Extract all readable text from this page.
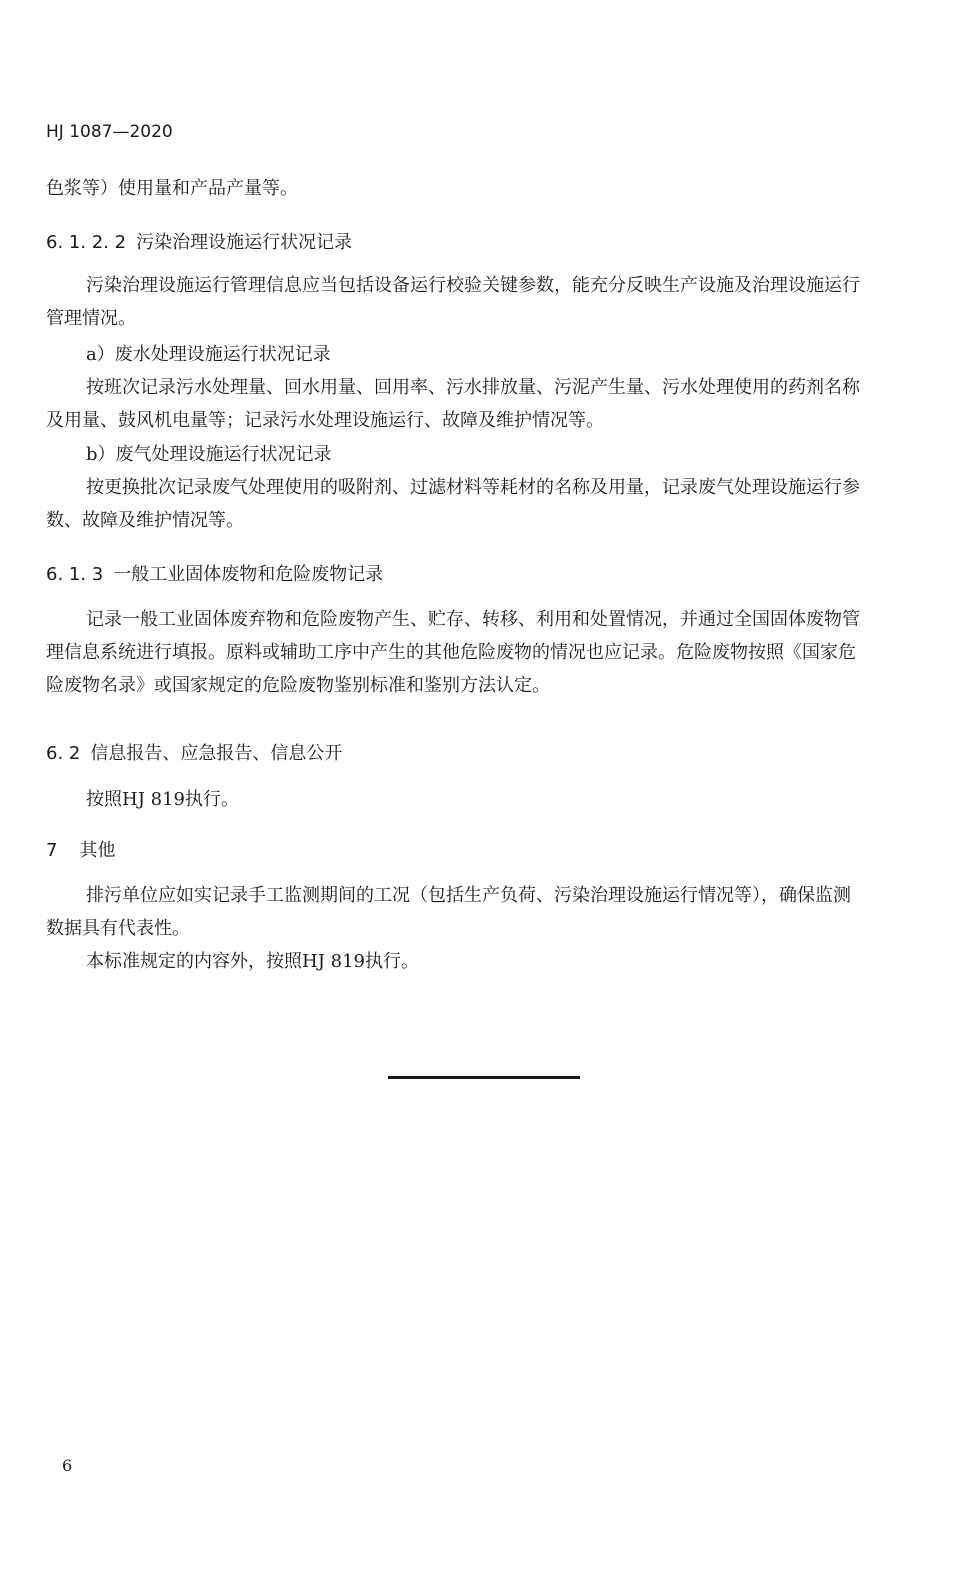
HJ 1087—2020
色浆等）使用量和产品产量等。
6. 1. 2. 2 污染治理设施运行状况记录
污染治理设施运行管理信息应当包括设备运行校验关键参数，能充分反映生产设施及治理设施运行
管理情况。
a）废水处理设施运行状况记录
按班次记录污水处理量、回水用量、回用率、污水排放量、污泥产生量、污水处理使用的药剂名称
及用量、鼓风机电量等；记录污水处理设施运行、故障及维护情况等。
b）废气处理设施运行状况记录
按更换批次记录废气处理使用的吸附剂、过滤材料等耗材的名称及用量，记录废气处理设施运行参
数、故障及维护情况等。
6. 1. 3 一般工业固体废物和危险废物记录
记录一般工业固体废弃物和危险废物产生、贮存、转移、利用和处置情况，并通过全国固体废物管
理信息系统进行填报。原料或辅助工序中产生的其他危险废物的情况也应记录。危险废物按照《国家危
险废物名录》或国家规定的危险废物鉴别标准和鉴别方法认定。
6. 2 信息报告、应急报告、信息公开
按照HJ 819执行。
7 其他
排污单位应如实记录手工监测期间的工况（包括生产负荷、污染治理设施运行情况等），确保监测
数据具有代表性。
本标准规定的内容外，按照HJ 819执行。
6
